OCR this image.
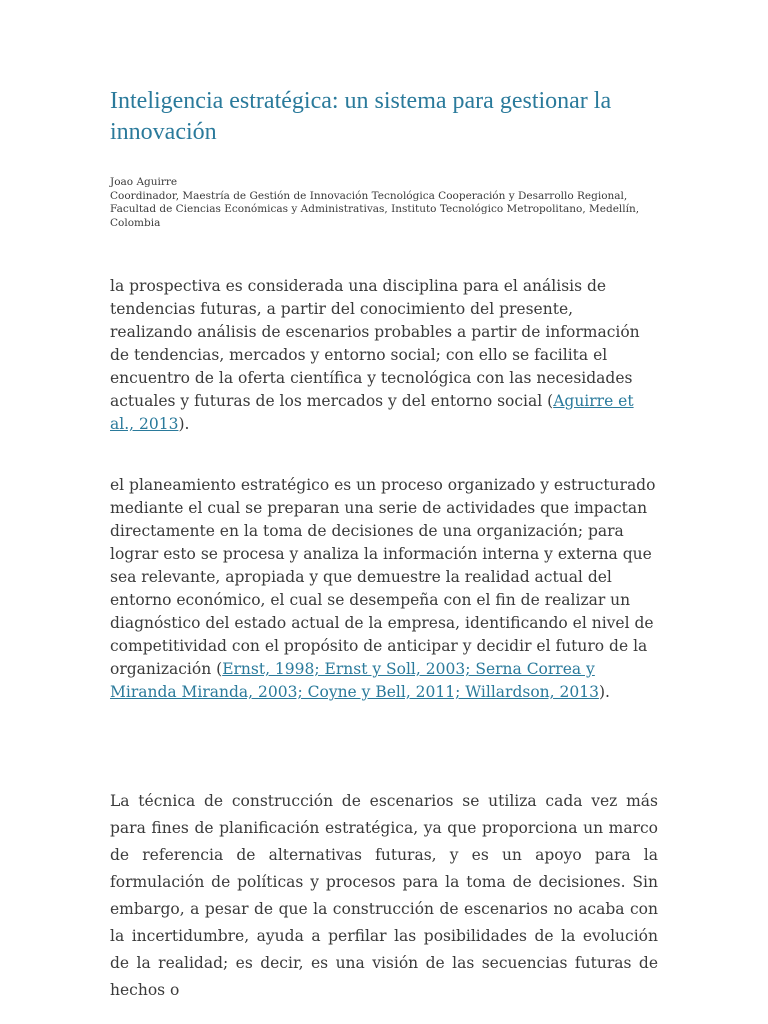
Inteligencia estratégica: un sistema para gestionar la innovación
Joao Aguirre
Coordinador, Maestría de Gestión de Innovación Tecnológica Cooperación y Desarrollo Regional,
Facultad de Ciencias Económicas y Administrativas, Instituto Tecnológico Metropolitano, Medellín,
Colombia

la prospectiva es considerada una disciplina para el análisis de tendencias futuras, a partir del conocimiento del presente, realizando análisis de escenarios probables a partir de información de tendencias, mercados y entorno social; con ello se facilita el encuentro de la oferta científica y tecnológica con las necesidades actuales y futuras de los mercados y del entorno social (Aguirre et al., 2013).

el planeamiento estratégico es un proceso organizado y estructurado mediante el cual se preparan una serie de actividades que impactan directamente en la toma de decisiones de una organización; para lograr esto se procesa y analiza la información interna y externa que sea relevante, apropiada y que demuestre la realidad actual del entorno económico, el cual se desempeña con el fin de realizar un diagnóstico del estado actual de la empresa, identificando el nivel de competitividad con el propósito de anticipar y decidir el futuro de la organización (Ernst, 1998; Ernst y Soll, 2003; Serna Correa y Miranda Miranda, 2003; Coyne y Bell, 2011; Willardson, 2013).

La técnica de construcción de escenarios se utiliza cada vez más para fines de planificación estratégica, ya que proporciona un marco de referencia de alternativas futuras, y es un apoyo para la formulación de políticas y procesos para la toma de decisiones. Sin embargo, a pesar de que la construcción de escenarios no acaba con la incertidumbre, ayuda a perfilar las posibilidades de la evolución de la realidad; es decir, es una visión de las secuencias futuras de hechos o
